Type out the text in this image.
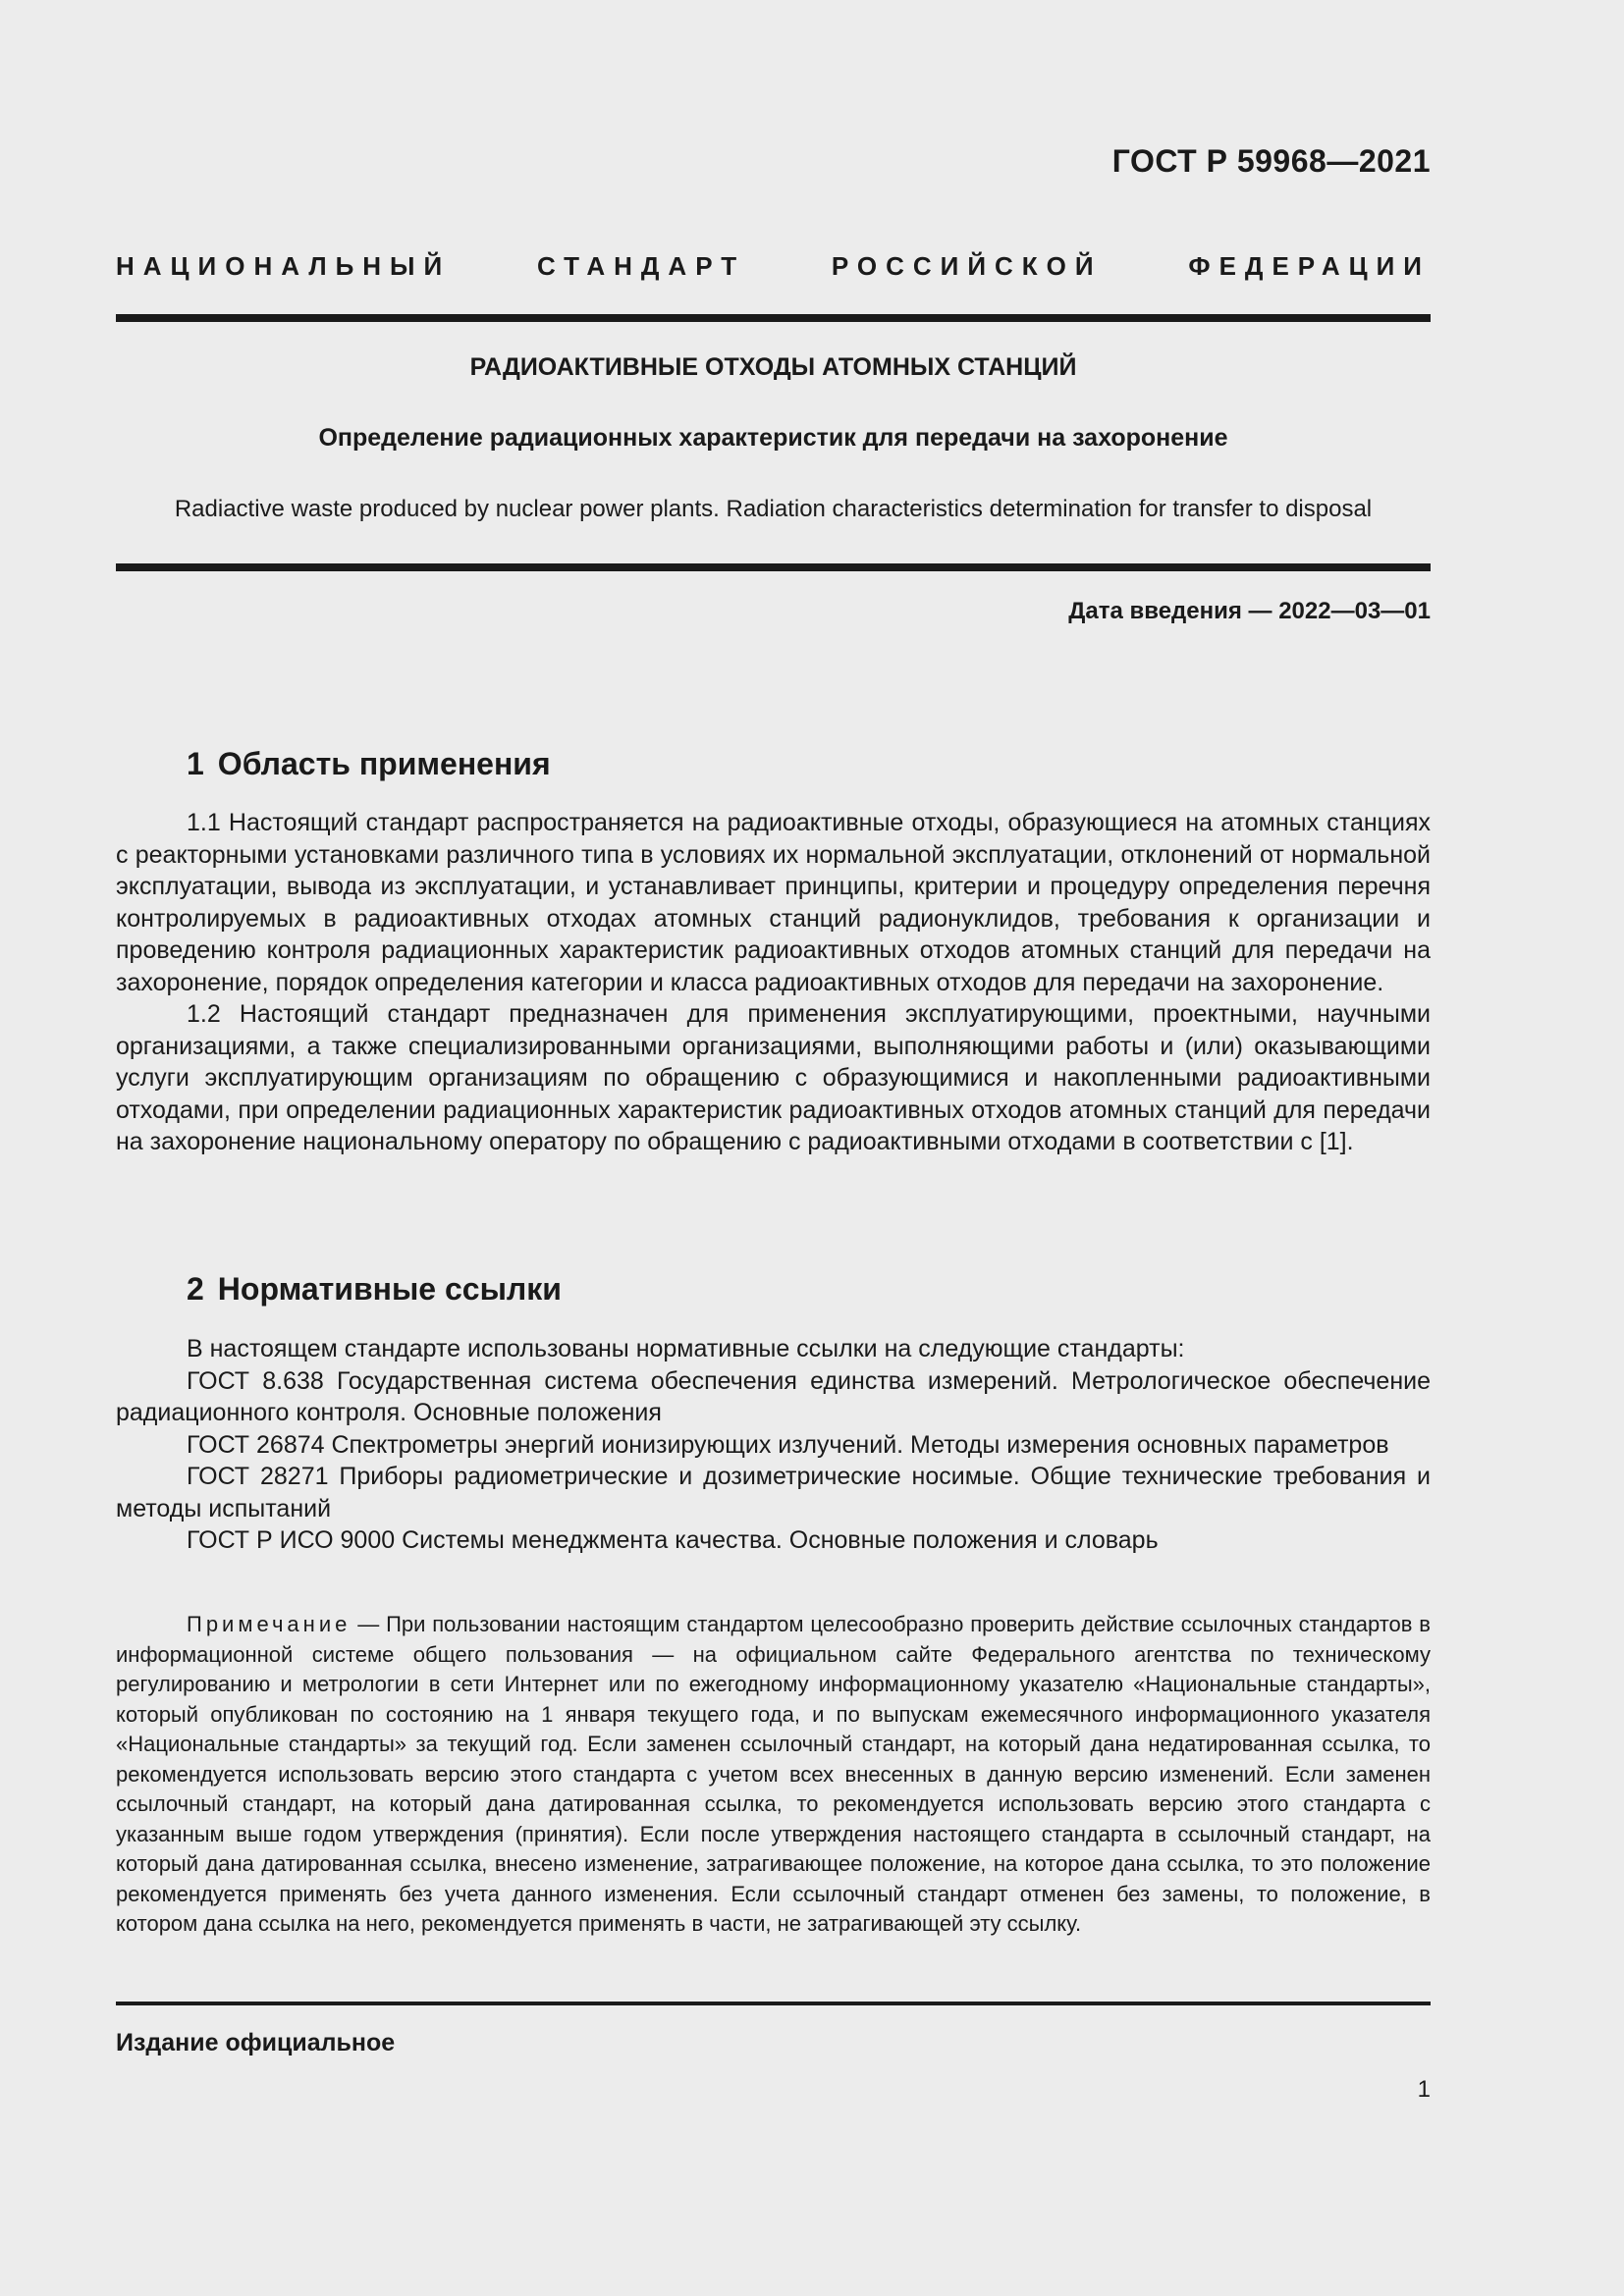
ГОСТ Р 59968—2021
НАЦИОНАЛЬНЫЙ СТАНДАРТ РОССИЙСКОЙ ФЕДЕРАЦИИ
РАДИОАКТИВНЫЕ ОТХОДЫ АТОМНЫХ СТАНЦИЙ
Определение радиационных характеристик для передачи на захоронение
Radiactive waste produced by nuclear power plants. Radiation characteristics determination for transfer to disposal
Дата введения — 2022—03—01
1 Область применения

1.1 Настоящий стандарт распространяется на радиоактивные отходы, образующиеся на атомных станциях с реакторными установками различного типа в условиях их нормальной эксплуатации, отклонений от нормальной эксплуатации, вывода из эксплуатации, и устанавливает принципы, критерии и процедуру определения перечня контролируемых в радиоактивных отходах атомных станций радионуклидов, требования к организации и проведению контроля радиационных характеристик радиоактивных отходов атомных станций для передачи на захоронение, порядок определения категории и класса радиоактивных отходов для передачи на захоронение.

1.2 Настоящий стандарт предназначен для применения эксплуатирующими, проектными, научными организациями, а также специализированными организациями, выполняющими работы и (или) оказывающими услуги эксплуатирующим организациям по обращению с образующимися и накопленными радиоактивными отходами, при определении радиационных характеристик радиоактивных отходов атомных станций для передачи на захоронение национальному оператору по обращению с радиоактивными отходами в соответствии с [1].

2 Нормативные ссылки

В настоящем стандарте использованы нормативные ссылки на следующие стандарты:

ГОСТ 8.638 Государственная система обеспечения единства измерений. Метрологическое обеспечение радиационного контроля. Основные положения

ГОСТ 26874 Спектрометры энергий ионизирующих излучений. Методы измерения основных параметров

ГОСТ 28271 Приборы радиометрические и дозиметрические носимые. Общие технические требования и методы испытаний

ГОСТ Р ИСО 9000 Системы менеджмента качества. Основные положения и словарь

Примечание — При пользовании настоящим стандартом целесообразно проверить действие ссылочных стандартов в информационной системе общего пользования — на официальном сайте Федерального агентства по техническому регулированию и метрологии в сети Интернет или по ежегодному информационному указателю «Национальные стандарты», который опубликован по состоянию на 1 января текущего года, и по выпускам ежемесячного информационного указателя «Национальные стандарты» за текущий год. Если заменен ссылочный стандарт, на который дана недатированная ссылка, то рекомендуется использовать версию этого стандарта с учетом всех внесенных в данную версию изменений. Если заменен ссылочный стандарт, на который дана датированная ссылка, то рекомендуется использовать версию этого стандарта с указанным выше годом утверждения (принятия). Если после утверждения настоящего стандарта в ссылочный стандарт, на который дана датированная ссылка, внесено изменение, затрагивающее положение, на которое дана ссылка, то это положение рекомендуется применять без учета данного изменения. Если ссылочный стандарт отменен без замены, то положение, в котором дана ссылка на него, рекомендуется применять в части, не затрагивающей эту ссылку.

Издание официальное
1
